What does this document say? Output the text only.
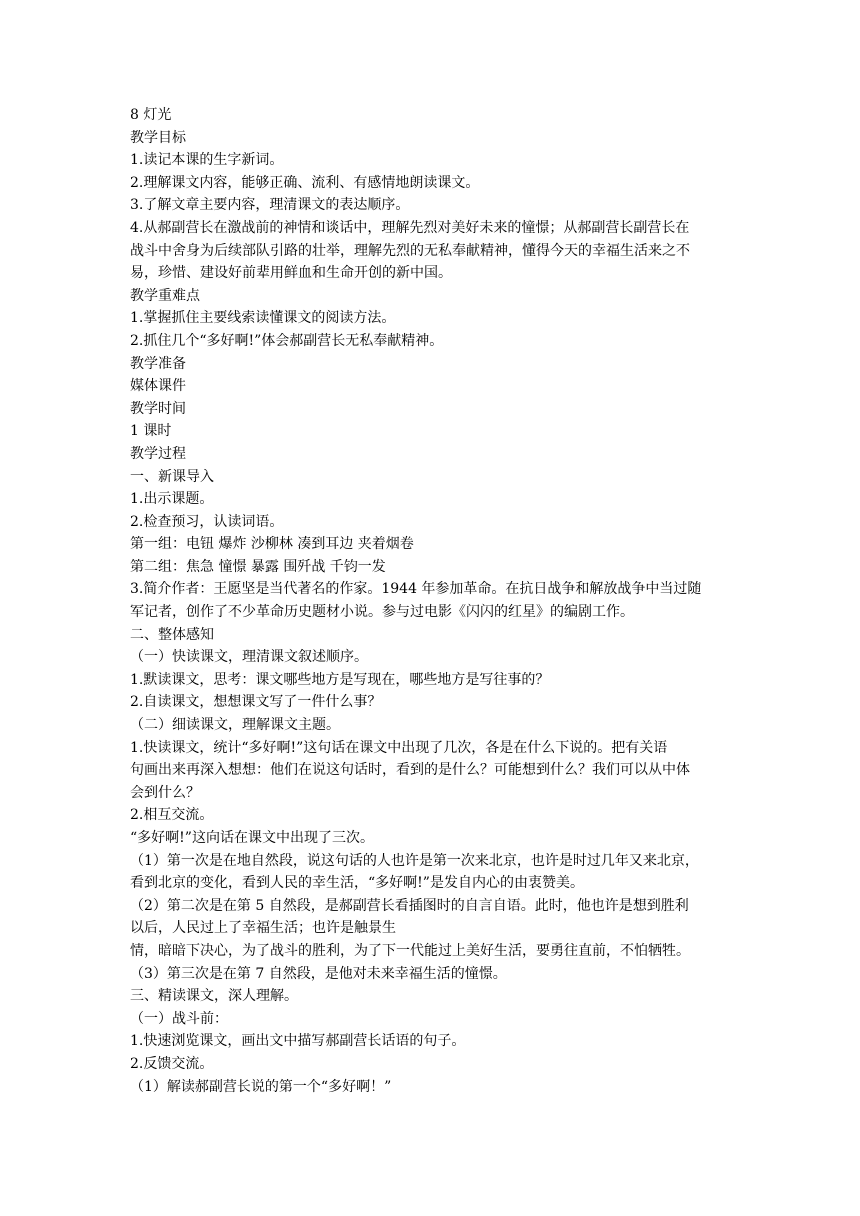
8 灯光
教学目标
1.读记本课的生字新词。
2.理解课文内容，能够正确、流利、有感情地朗读课文。
3.了解文章主要内容，理清课文的表达顺序。
4.从郝副营长在激战前的神情和谈话中，理解先烈对美好未来的憧憬；从郝副营长副营长在
战斗中舍身为后续部队引路的壮举，理解先烈的无私奉献精神，懂得今天的幸福生活来之不
易，珍惜、建设好前辈用鲜血和生命开创的新中国。
教学重难点
1.掌握抓住主要线索读懂课文的阅读方法。
2.抓住几个“多好啊!”体会郝副营长无私奉献精神。
教学准备
媒体课件
教学时间
1 课时
教学过程
一、新课导入
1.出示课题。
2.检查预习，认读词语。
第一组：电钮 爆炸 沙柳林 凑到耳边 夹着烟卷
第二组：焦急 憧憬 暴露 围歼战 千钧一发
3.简介作者：王愿坚是当代著名的作家。1944 年参加革命。在抗日战争和解放战争中当过随
军记者，创作了不少革命历史题材小说。参与过电影《闪闪的红星》的编剧工作。
二、整体感知
（一）快读课文，理清课文叙述顺序。
1.默读课文，思考：课文哪些地方是写现在，哪些地方是写往事的？
2.自读课文，想想课文写了一件什么事？
（二）细读课文，理解课文主题。
1.快读课文，统计“多好啊!”这句话在课文中出现了几次，各是在什么下说的。把有关语
句画出来再深入想想：他们在说这句话时，看到的是什么？可能想到什么？我们可以从中体
会到什么？
2.相互交流。
“多好啊!”这向话在课文中出现了三次。
（1）第一次是在地自然段，说这句话的人也许是第一次来北京，也许是时过几年又来北京，
看到北京的变化，看到人民的幸生活，“多好啊!”是发自内心的由衷赞美。
（2）第二次是在第 5 自然段，是郝副营长看插图时的自言自语。此时，他也许是想到胜利
以后，人民过上了幸福生活；也许是触景生
情，暗暗下决心，为了战斗的胜利，为了下一代能过上美好生活，要勇往直前，不怕牺牲。
（3）第三次是在第 7 自然段，是他对未来幸福生活的憧憬。
三、精读课文，深人理解。
（一）战斗前：
1.快速浏览课文，画出文中描写郝副营长话语的句子。
2.反馈交流。
（1）解读郝副营长说的第一个“多好啊！”
